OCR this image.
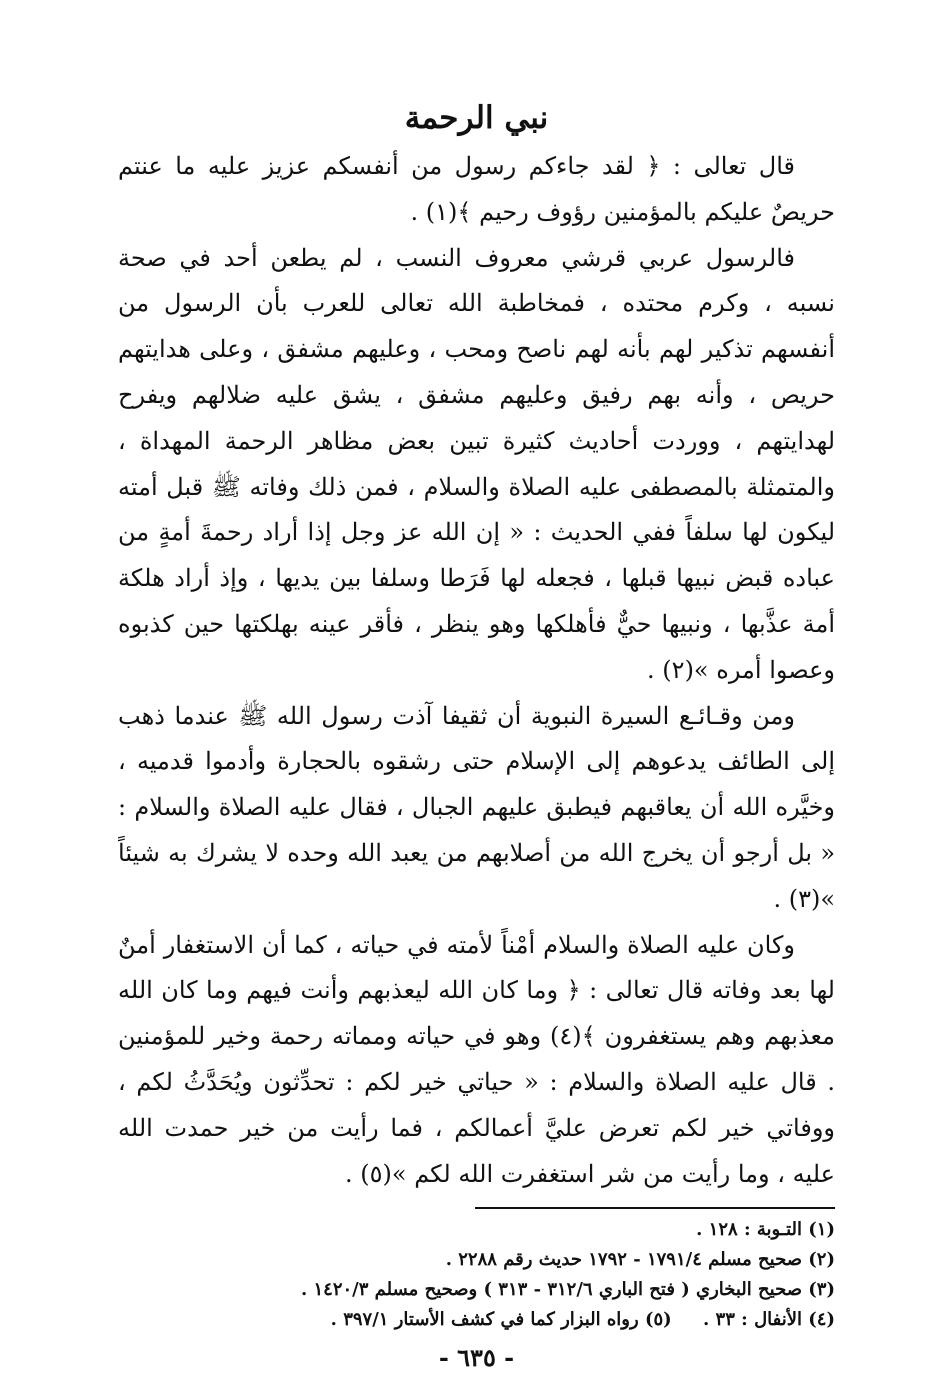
نبي الرحمة

قال تعالى : ﴿ لقد جاءكم رسول من أنفسكم عزيز عليه ما عنتم حريصٌ عليكم بالمؤمنين رؤوف رحيم ﴾(١) .

فالرسول عربي قرشي معروف النسب ، لم يطعن أحد في صحة نسبه ، وكرم محتده ، فمخاطبة الله تعالى للعرب بأن الرسول من أنفسهم تذكير لهم بأنه لهم ناصح ومحب ، وعليهم مشفق ، وعلى هدايتهم حريص ، وأنه بهم رفيق وعليهم مشفق ، يشق عليه ضلالهم ويفرح لهدايتهم ، ووردت أحاديث كثيرة تبين بعض مظاهر الرحمة المهداة ، والمتمثلة بالمصطفى عليه الصلاة والسلام ، فمن ذلك وفاته ﷺ قبل أمته ليكون لها سلفاً ففي الحديث : « إن الله عز وجل إذا أراد رحمةَ أمةٍ من عباده قبض نبيها قبلها ، فجعله لها فَرَطا وسلفا بين يديها ، وإذ أراد هلكة أمة عذَّبها ، ونبيها حيٌّ فأهلكها وهو ينظر ، فأقر عينه بهلكتها حين كذبوه وعصوا أمره »(٢) .

ومن وقـائـع السيرة النبوية أن ثقيفا آذت رسول الله ﷺ عندما ذهب إلى الطائف يدعوهم إلى الإسلام حتى رشقوه بالحجارة وأدموا قدميه ، وخيَّره الله أن يعاقبهم فيطبق عليهم الجبال ، فقال عليه الصلاة والسلام : « بل أرجو أن يخرج الله من أصلابهم من يعبد الله وحده لا يشرك به شيئاً »(٣) .

وكان عليه الصلاة والسلام أمْناً لأمته في حياته ، كما أن الاستغفار أمنٌ لها بعد وفاته قال تعالى : ﴿ وما كان الله ليعذبهم وأنت فيهم وما كان الله معذبهم وهم يستغفرون ﴾(٤) وهو في حياته ومماته رحمة وخير للمؤمنين . قال عليه الصلاة والسلام : « حياتي خير لكم : تحدِّثون ويُحَدَّثُ لكم ، ووفاتي خير لكم تعرض عليَّ أعمالكم ، فما رأيت من خير حمدت الله عليه ، وما رأيت من شر استغفرت الله لكم »(٥) .

(١) التـوبة : ١٢٨ .

(٢) صحيح مسلم ١٧٩١/٤ - ١٧٩٢ حديث رقم ٢٢٨٨ .

(٣) صحيح البخاري ( فتح الباري ٣١٢/٦ - ٣١٣ ) وصحيح مسلم ١٤٢٠/٣ .

(٤) الأنفال : ٣٣ .     (٥) رواه البزار كما في كشف الأستار ٣٩٧/١ .

- ٦٣٥ -
